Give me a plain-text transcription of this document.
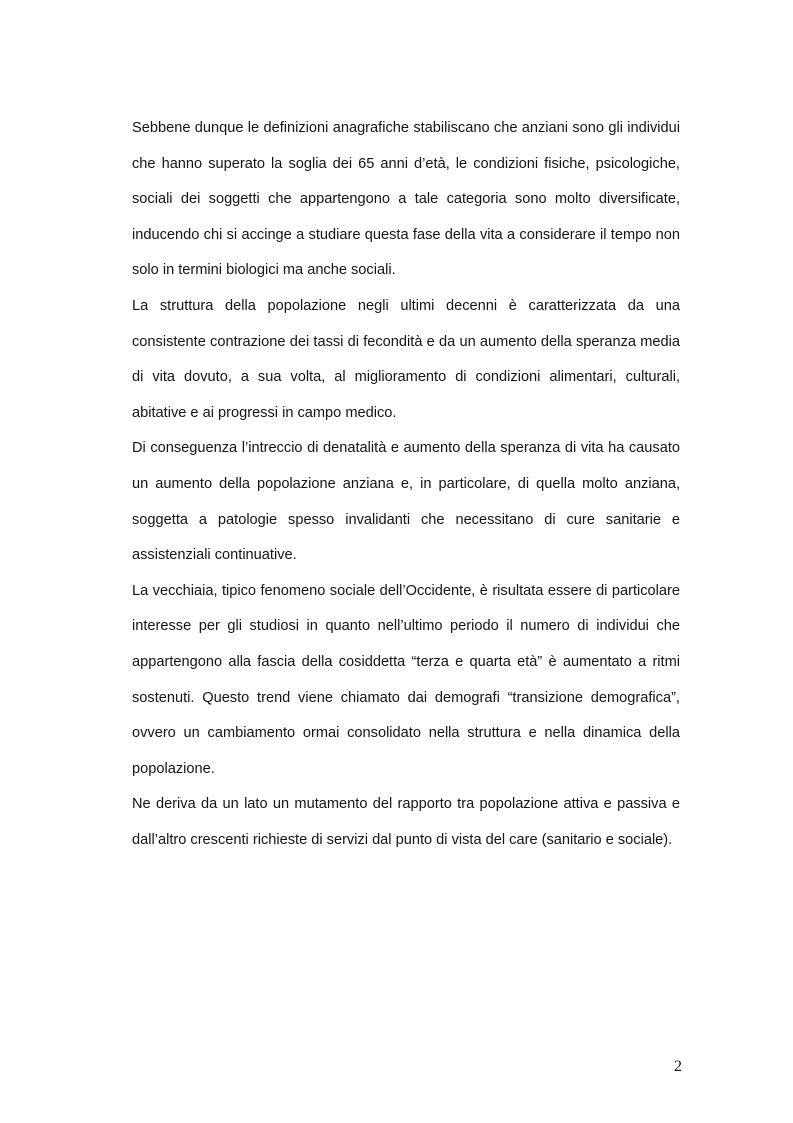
Sebbene dunque le definizioni anagrafiche stabiliscano che anziani sono gli individui che hanno superato la soglia dei 65 anni d’età, le condizioni fisiche, psicologiche, sociali dei soggetti che appartengono a tale categoria sono molto diversificate, inducendo chi si accinge a studiare questa fase della vita a considerare il tempo non solo in termini biologici ma anche sociali.

La struttura della popolazione negli ultimi decenni è caratterizzata da una consistente contrazione dei tassi di fecondità e da un aumento della speranza media di vita dovuto, a sua volta, al miglioramento di condizioni alimentari, culturali, abitative e ai progressi in campo medico.

Di conseguenza l’intreccio di denatalità e aumento della speranza di vita ha causato un aumento della popolazione anziana e, in particolare, di quella molto anziana, soggetta a patologie spesso invalidanti che necessitano di cure sanitarie e assistenziali continuative.

La vecchiaia, tipico fenomeno sociale dell’Occidente, è risultata essere di particolare interesse per gli studiosi in quanto nell’ultimo periodo il numero di individui che appartengono alla fascia della cosiddetta “terza e quarta età” è aumentato a ritmi sostenuti. Questo trend viene chiamato dai demografi “transizione demografica”, ovvero un cambiamento ormai consolidato nella struttura e nella dinamica della popolazione.

Ne deriva da un lato un mutamento del rapporto tra popolazione attiva e passiva e dall’altro crescenti richieste di servizi dal punto di vista del care (sanitario e sociale).

2
